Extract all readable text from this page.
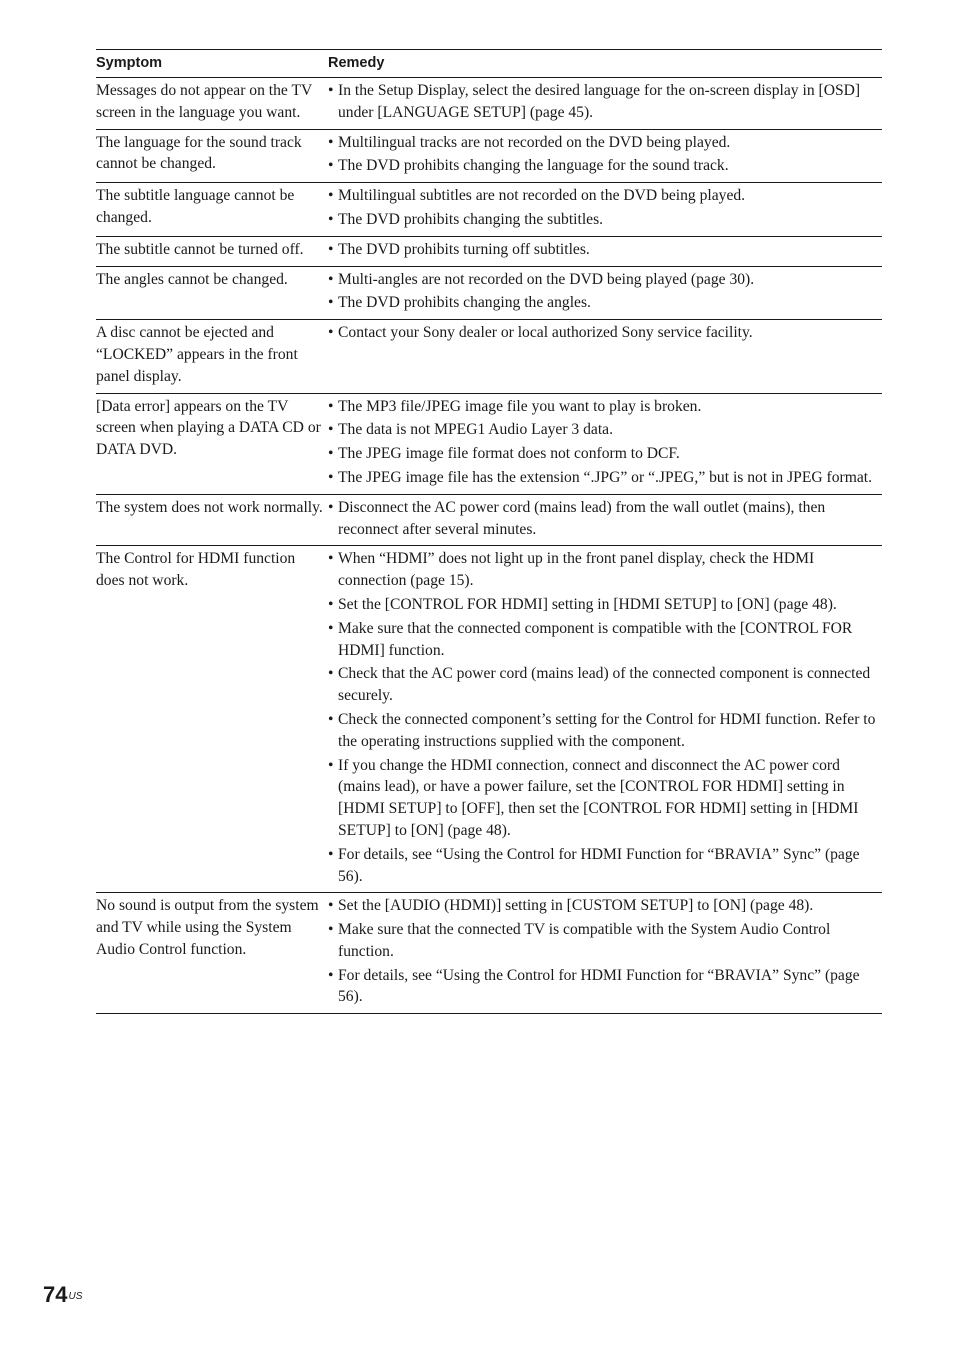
Symptom	Remedy
Messages do not appear on the TV screen in the language you want.
• In the Setup Display, select the desired language for the on-screen display in [OSD] under [LANGUAGE SETUP] (page 45).
The language for the sound track cannot be changed.
• Multilingual tracks are not recorded on the DVD being played.
• The DVD prohibits changing the language for the sound track.
The subtitle language cannot be changed.
• Multilingual subtitles are not recorded on the DVD being played.
• The DVD prohibits changing the subtitles.
The subtitle cannot be turned off.	• The DVD prohibits turning off subtitles.
The angles cannot be changed.	• Multi-angles are not recorded on the DVD being played (page 30).
• The DVD prohibits changing the angles.
A disc cannot be ejected and “LOCKED” appears in the front panel display.
• Contact your Sony dealer or local authorized Sony service facility.
[Data error] appears on the TV screen when playing a DATA CD or DATA DVD.
• The MP3 file/JPEG image file you want to play is broken.
• The data is not MPEG1 Audio Layer 3 data.
• The JPEG image file format does not conform to DCF.
• The JPEG image file has the extension “.JPG” or “.JPEG,” but is not in JPEG format.
The system does not work normally. • Disconnect the AC power cord (mains lead) from the wall outlet (mains), then reconnect after several minutes.
The Control for HDMI function does not work.
• When “HDMI” does not light up in the front panel display, check the HDMI connection (page 15).
• Set the [CONTROL FOR HDMI] setting in [HDMI SETUP] to [ON] (page 48).
• Make sure that the connected component is compatible with the [CONTROL FOR HDMI] function.
• Check that the AC power cord (mains lead) of the connected component is connected securely.
• Check the connected component’s setting for the Control for HDMI function. Refer to the operating instructions supplied with the component.
• If you change the HDMI connection, connect and disconnect the AC power cord (mains lead), or have a power failure, set the [CONTROL FOR HDMI] setting in [HDMI SETUP] to [OFF], then set the [CONTROL FOR HDMI] setting in [HDMI SETUP] to [ON] (page 48).
• For details, see “Using the Control for HDMI Function for “BRAVIA” Sync” (page 56).
No sound is output from the system and TV while using the System Audio Control function.
• Set the [AUDIO (HDMI)] setting in [CUSTOM SETUP] to [ON] (page 48).
• Make sure that the connected TV is compatible with the System Audio Control function.
• For details, see “Using the Control for HDMI Function for “BRAVIA” Sync” (page 56).
$74^{US}$
